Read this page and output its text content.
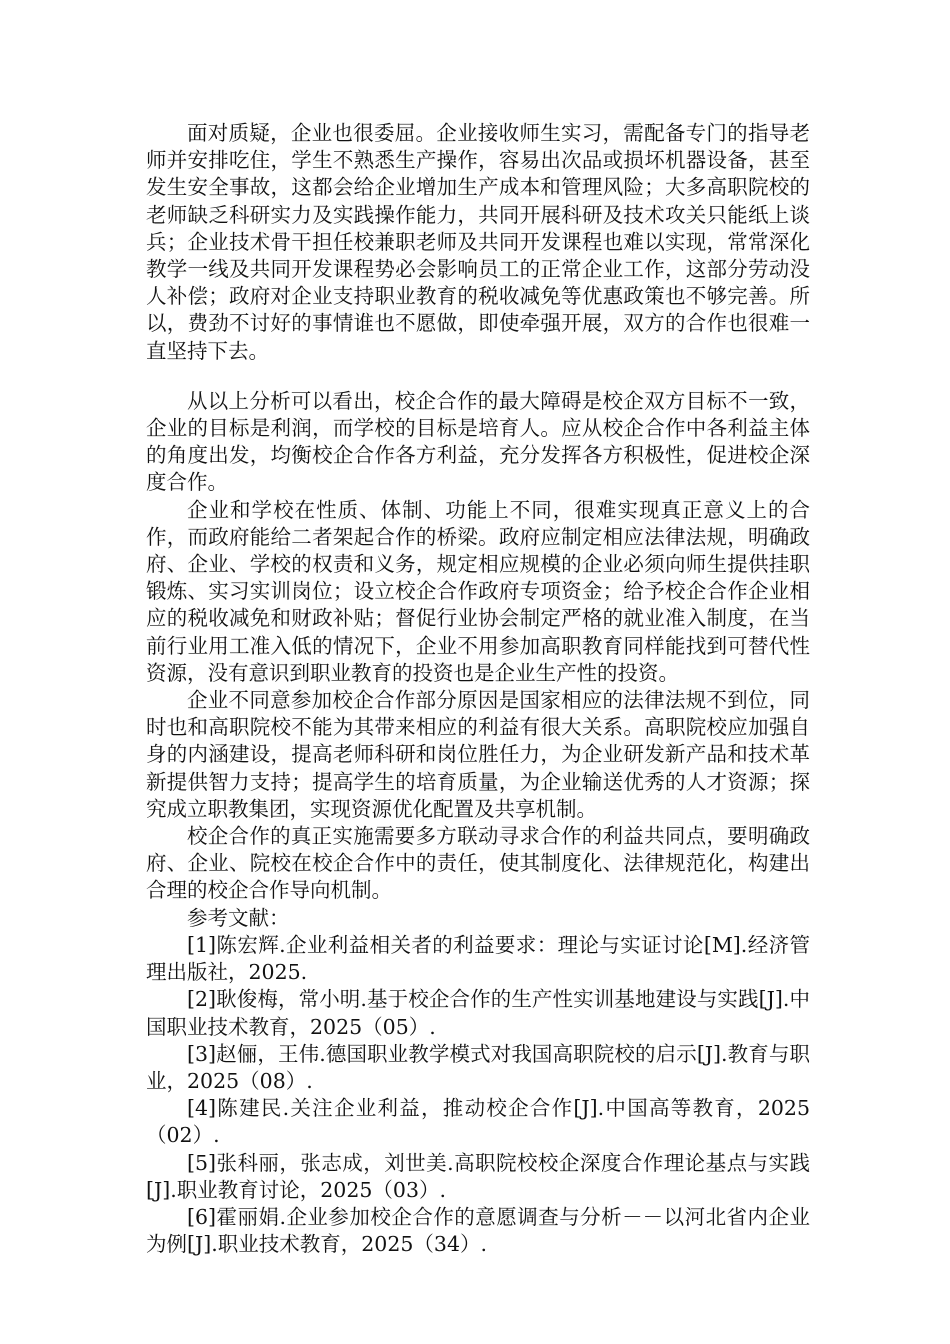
面对质疑，企业也很委屈。企业接收师生实习，需配备专门的指导老师并安排吃住，学生不熟悉生产操作，容易出次品或损坏机器设备，甚至发生安全事故，这都会给企业增加生产成本和管理风险；大多高职院校的老师缺乏科研实力及实践操作能力，共同开展科研及技术攻关只能纸上谈兵；企业技术骨干担任校兼职老师及共同开发课程也难以实现，常常深化教学一线及共同开发课程势必会影响员工的正常企业工作，这部分劳动没人补偿；政府对企业支持职业教育的税收减免等优惠政策也不够完善。所以，费劲不讨好的事情谁也不愿做，即使牵强开展，双方的合作也很难一直坚持下去。

从以上分析可以看出，校企合作的最大障碍是校企双方目标不一致，企业的目标是利润，而学校的目标是培育人。应从校企合作中各利益主体的角度出发，均衡校企合作各方利益，充分发挥各方积极性，促进校企深度合作。

企业和学校在性质、体制、功能上不同，很难实现真正意义上的合作，而政府能给二者架起合作的桥梁。政府应制定相应法律法规，明确政府、企业、学校的权责和义务，规定相应规模的企业必须向师生提供挂职锻炼、实习实训岗位；设立校企合作政府专项资金；给予校企合作企业相应的税收减免和财政补贴；督促行业协会制定严格的就业准入制度，在当前行业用工准入低的情况下，企业不用参加高职教育同样能找到可替代性资源，没有意识到职业教育的投资也是企业生产性的投资。

企业不同意参加校企合作部分原因是国家相应的法律法规不到位，同时也和高职院校不能为其带来相应的利益有很大关系。高职院校应加强自身的内涵建设，提高老师科研和岗位胜任力，为企业研发新产品和技术革新提供智力支持；提高学生的培育质量，为企业输送优秀的人才资源；探究成立职教集团，实现资源优化配置及共享机制。

校企合作的真正实施需要多方联动寻求合作的利益共同点，要明确政府、企业、院校在校企合作中的责任，使其制度化、法律规范化，构建出合理的校企合作导向机制。

参考文献：

[1]陈宏辉.企业利益相关者的利益要求：理论与实证讨论[M].经济管理出版社，2025.

[2]耿俊梅，常小明.基于校企合作的生产性实训基地建设与实践[J].中国职业技术教育，2025（05）.

[3]赵俪，王伟.德国职业教学模式对我国高职院校的启示[J].教育与职业，2025（08）.

[4]陈建民.关注企业利益，推动校企合作[J].中国高等教育，2025（02）.

[5]张科丽，张志成，刘世美.高职院校校企深度合作理论基点与实践[J].职业教育讨论，2025（03）.

[6]霍丽娟.企业参加校企合作的意愿调查与分析－－以河北省内企业为例[J].职业技术教育，2025（34）.
